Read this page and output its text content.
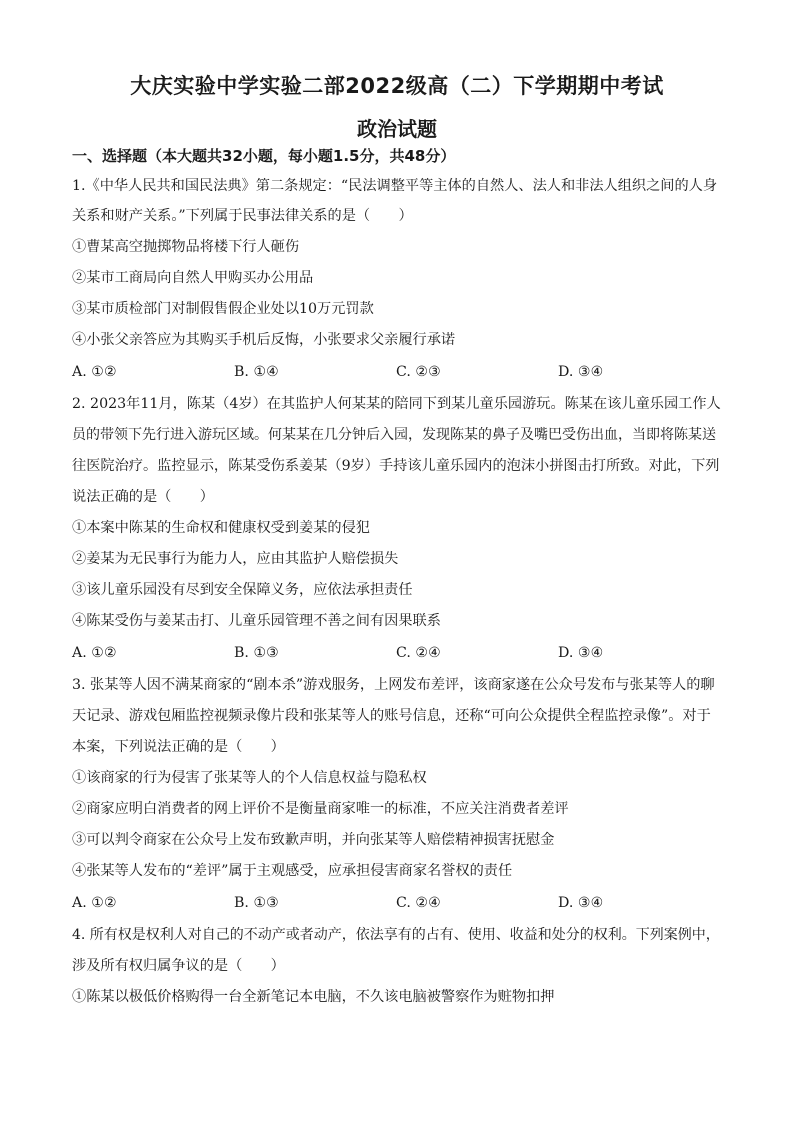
大庆实验中学实验二部2022级高（二）下学期期中考试
政治试题
一、选择题（本大题共32小题，每小题1.5分，共48分）
1.《中华人民共和国民法典》第二条规定：“民法调整平等主体的自然人、法人和非法人组织之间的人身
关系和财产关系。”下列属于民事法律关系的是（　　）
①曹某高空抛掷物品将楼下行人砸伤
②某市工商局向自然人甲购买办公用品
③某市质检部门对制假售假企业处以10万元罚款
④小张父亲答应为其购买手机后反悔，小张要求父亲履行承诺
A. ①②	B. ①④	C. ②③	D. ③④
2. 2023年11月，陈某（4岁）在其监护人何某某的陪同下到某儿童乐园游玩。陈某在该儿童乐园工作人
员的带领下先行进入游玩区域。何某某在几分钟后入园，发现陈某的鼻子及嘴巴受伤出血，当即将陈某送
往医院治疗。监控显示，陈某受伤系姜某（9岁）手持该儿童乐园内的泡沫小拼图击打所致。对此，下列
说法正确的是（　　）
①本案中陈某的生命权和健康权受到姜某的侵犯
②姜某为无民事行为能力人，应由其监护人赔偿损失
③该儿童乐园没有尽到安全保障义务，应依法承担责任
④陈某受伤与姜某击打、儿童乐园管理不善之间有因果联系
A. ①②	B. ①③	C. ②④	D. ③④
3. 张某等人因不满某商家的“剧本杀”游戏服务，上网发布差评，该商家遂在公众号发布与张某等人的聊
天记录、游戏包厢监控视频录像片段和张某等人的账号信息，还称“可向公众提供全程监控录像”。对于
本案，下列说法正确的是（　　）
①该商家的行为侵害了张某等人的个人信息权益与隐私权
②商家应明白消费者的网上评价不是衡量商家唯一的标准，不应关注消费者差评
③可以判令商家在公众号上发布致歉声明，并向张某等人赔偿精神损害抚慰金
④张某等人发布的“差评”属于主观感受，应承担侵害商家名誉权的责任
A. ①②	B. ①③	C. ②④	D. ③④
4. 所有权是权利人对自己的不动产或者动产，依法享有的占有、使用、收益和处分的权利。下列案例中，
涉及所有权归属争议的是（　　）
①陈某以极低价格购得一台全新笔记本电脑，不久该电脑被警察作为赃物扣押
